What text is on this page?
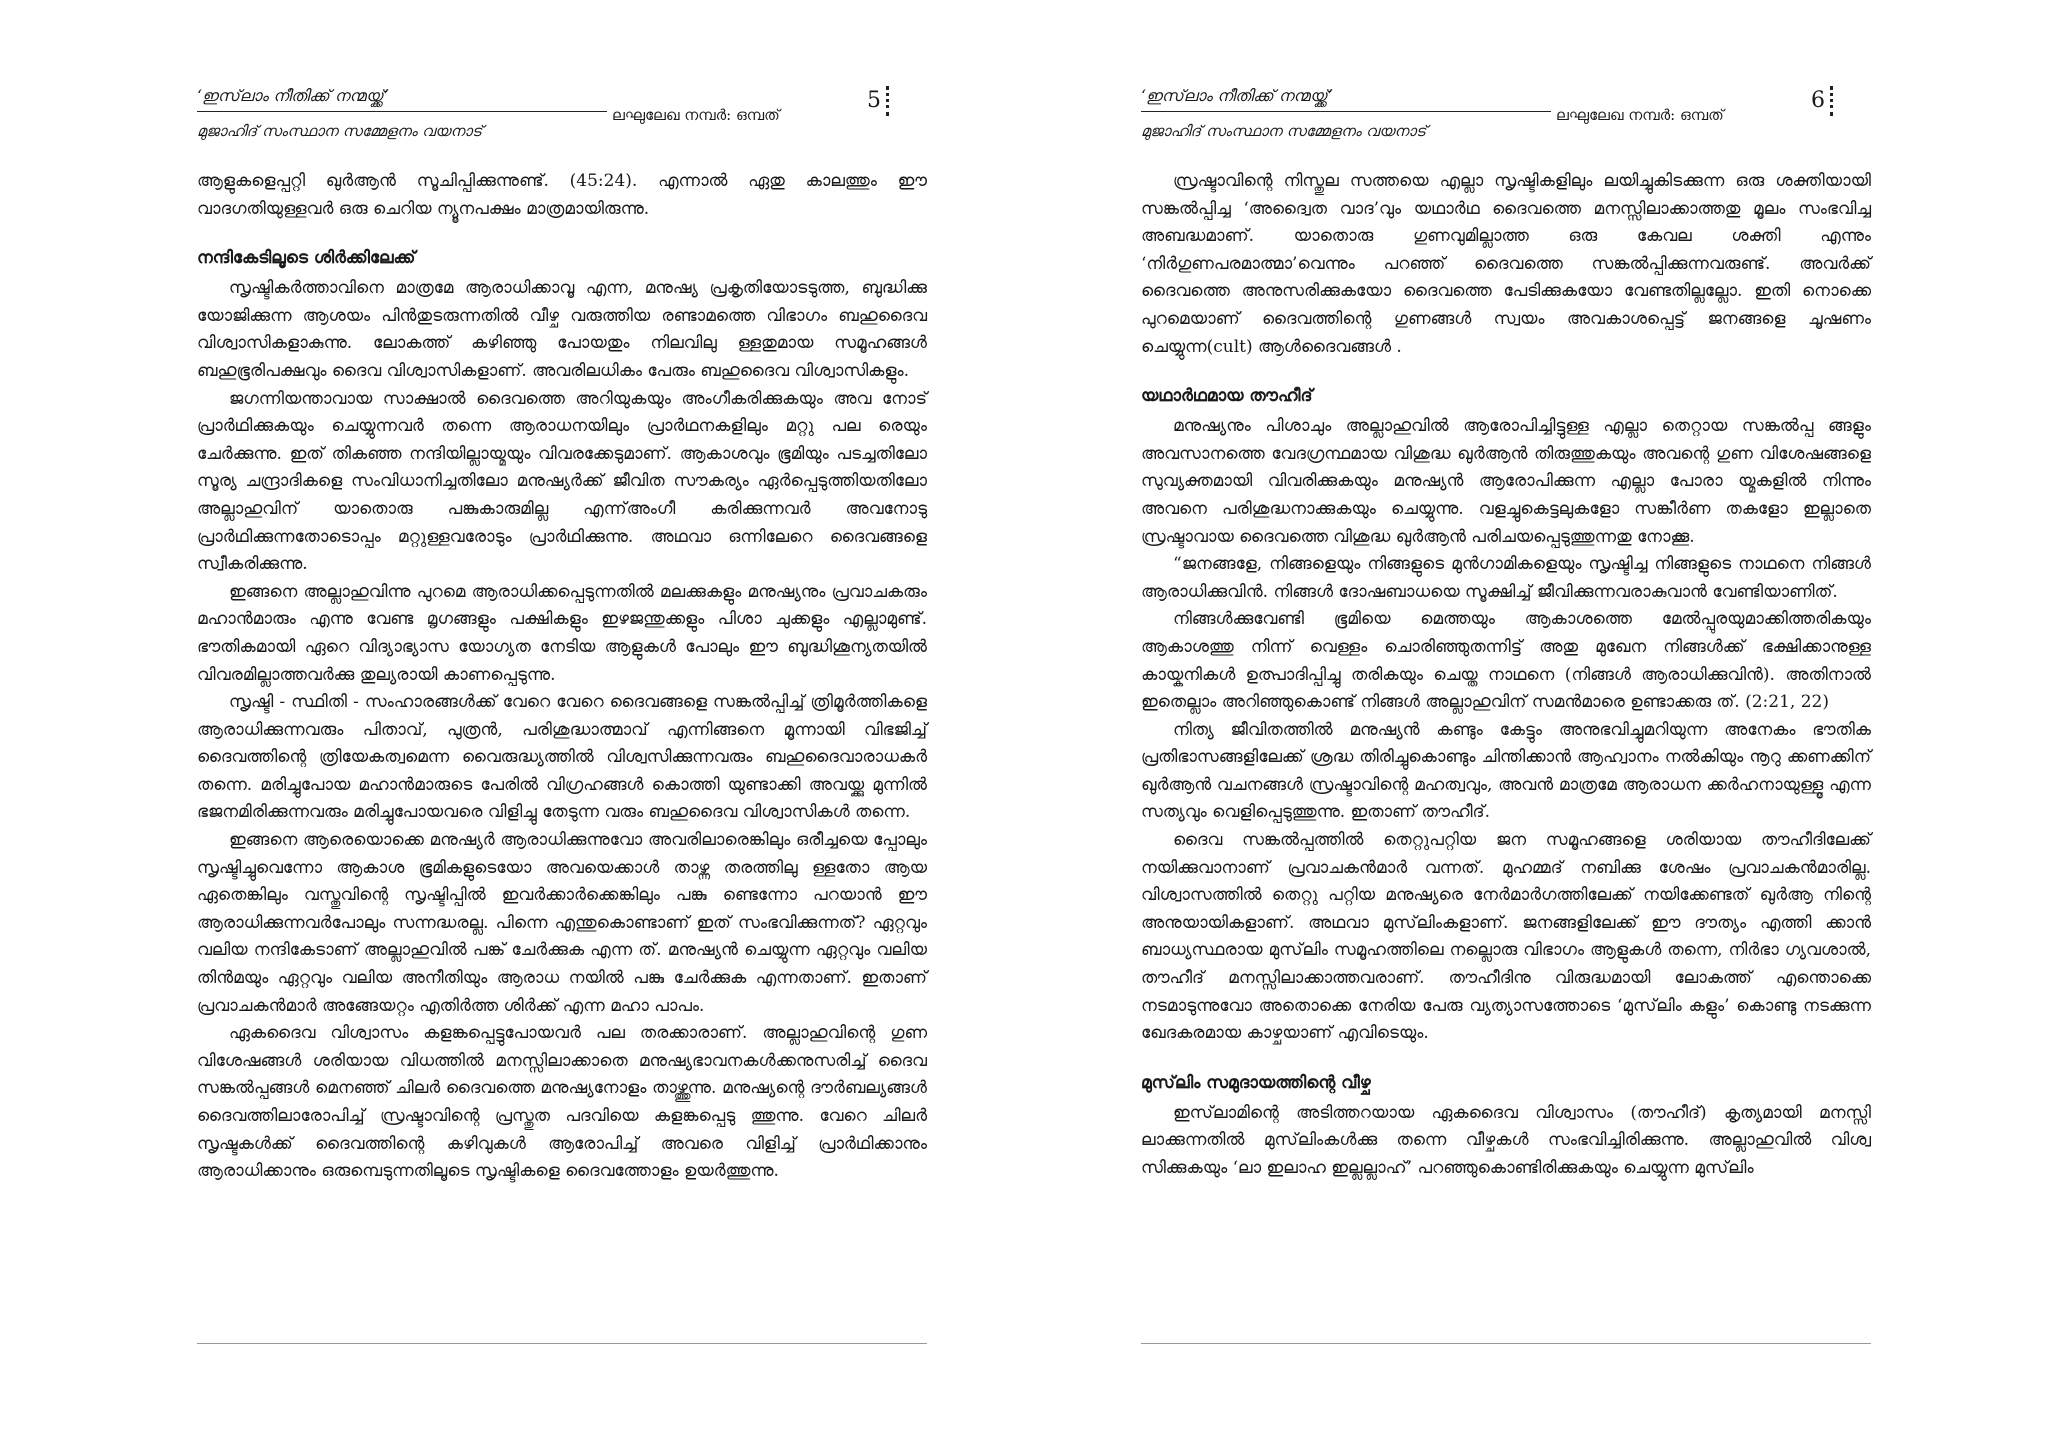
‘ഇസ്‌ലാം നീതിക്ക് നന്മയ്ക്ക്’
മുജാഹിദ് സംസ്ഥാന സമ്മേളനം വയനാട്
ലഘുലേഖ നമ്പർ: ഒമ്പത്
5

ആളുകളെപ്പറ്റി ഖുർആൻ സൂചിപ്പിക്കുന്നുണ്ട്. (45:24). എന്നാൽ ഏതു കാലത്തും ഈ വാദഗതിയുള്ളവർ ഒരു ചെറിയ ന്യൂനപക്ഷം മാത്രമായിരുന്നു.

നന്ദികേടിലൂടെ ശിർക്കിലേക്ക്

സൃഷ്ടികർത്താവിനെ മാത്രമേ ആരാധിക്കാവൂ എന്ന, മനുഷ്യ പ്രകൃതിയോടടുത്ത, ബുദ്ധിക്കു യോജിക്കുന്ന ആശയം പിൻതുടരുന്നതിൽ വീഴ്ച വരുത്തിയ രണ്ടാമത്തെ വിഭാഗം ബഹുദൈവ വിശ്വാസികളാകുന്നു. ലോകത്ത് കഴിഞ്ഞു പോയതും നിലവിലു ള്ളതുമായ സമൂഹങ്ങൾ ബഹുഭൂരിപക്ഷവും ദൈവ വിശ്വാസികളാണ്. അവരിലധികം പേരും ബഹുദൈവ വിശ്വാസികളും.

ജഗന്നിയന്താവായ സാക്ഷാൽ ദൈവത്തെ അറിയുകയും അംഗീകരിക്കുകയും അവ നോട് പ്രാർഥിക്കുകയും ചെയ്യുന്നവർ തന്നെ ആരാധനയിലും പ്രാർഥനകളിലും മറ്റു പല രെയും ചേർക്കുന്നു. ഇത് തികഞ്ഞ നന്ദിയില്ലായ്മയും വിവരക്കേടുമാണ്. ആകാശവും ഭൂമിയും പടച്ചതിലോ സൂര്യ ചന്ദ്രാദികളെ സംവിധാനിച്ചതിലോ മനുഷ്യർക്ക് ജീവിത സൗകര്യം ഏർപ്പെടുത്തിയതിലോ അല്ലാഹുവിന് യാതൊരു പങ്കുകാരുമില്ല എന്ന്അംഗീ കരിക്കുന്നവർ അവനോടു പ്രാർഥിക്കുന്നതോടൊപ്പം മറ്റുള്ളവരോടും പ്രാർഥിക്കുന്നു. അഥവാ ഒന്നിലേറെ ദൈവങ്ങളെ സ്വീകരിക്കുന്നു.

ഇങ്ങനെ അല്ലാഹുവിന്നു പുറമെ ആരാധിക്കപ്പെടുന്നതിൽ മലക്കുകളും മനുഷ്യനും പ്രവാചകരും മഹാൻമാരും എന്നു വേണ്ട മൃഗങ്ങളും പക്ഷികളും ഇഴജന്തുക്കളും പിശാ ചുക്കളും എല്ലാമുണ്ട്. ഭൗതികമായി ഏറെ വിദ്യാഭ്യാസ യോഗ്യത നേടിയ ആളുകൾ പോലും ഈ ബുദ്ധിശൂന്യതയിൽ വിവരമില്ലാത്തവർക്കു തുല്യരായി കാണപ്പെടുന്നു.

സൃഷ്ടി - സ്ഥിതി - സംഹാരങ്ങൾക്ക് വേറെ വേറെ ദൈവങ്ങളെ സങ്കൽപ്പിച്ച് ത്രിമൂർത്തികളെ ആരാധിക്കുന്നവരും പിതാവ്, പുത്രൻ, പരിശുദ്ധാത്മാവ് എന്നിങ്ങനെ മൂന്നായി വിഭജിച്ച് ദൈവത്തിന്റെ ത്രിയേകത്വമെന്ന വൈരുദ്ധ്യത്തിൽ വിശ്വസിക്കുന്നവരും ബഹുദൈവാരാധകർ തന്നെ. മരിച്ചുപോയ മഹാൻമാരുടെ പേരിൽ വിഗ്രഹങ്ങൾ കൊത്തി യുണ്ടാക്കി അവയ്ക്കു മുന്നിൽ ഭജനമിരിക്കുന്നവരും മരിച്ചുപോയവരെ വിളിച്ചു തേടുന്ന വരും ബഹുദൈവ വിശ്വാസികൾ തന്നെ.

ഇങ്ങനെ ആരെയൊക്കെ മനുഷ്യർ ആരാധിക്കുന്നുവോ അവരിലാരെങ്കിലും ഒരീച്ചയെ പ്പോലും സൃഷ്ടിച്ചുവെന്നോ ആകാശ ഭൂമികളുടെയോ അവയെക്കാൾ താഴ്ന്ന തരത്തിലു ള്ളതോ ആയ ഏതെങ്കിലും വസ്തുവിന്റെ സൃഷ്ടിപ്പിൽ ഇവർക്കാർക്കെങ്കിലും പങ്കു ണ്ടെന്നോ പറയാൻ ഈ ആരാധിക്കുന്നവർപോലും സന്നദ്ധരല്ല. പിന്നെ എന്തുകൊണ്ടാണ് ഇത് സംഭവിക്കുന്നത്? ഏറ്റവും വലിയ നന്ദികേടാണ് അല്ലാഹുവിൽ പങ്ക് ചേർക്കുക എന്ന ത്. മനുഷ്യൻ ചെയ്യുന്ന ഏറ്റവും വലിയ തിൻമയും ഏറ്റവും വലിയ അനീതിയും ആരാധ നയിൽ പങ്കു ചേർക്കുക എന്നതാണ്. ഇതാണ് പ്രവാചകൻമാർ അങ്ങേയറ്റം എതിർത്ത ശിർക്ക് എന്ന മഹാ പാപം.

ഏകദൈവ വിശ്വാസം കളങ്കപ്പെട്ടുപോയവർ പല തരക്കാരാണ്. അല്ലാഹുവിന്റെ ഗുണ വിശേഷങ്ങൾ ശരിയായ വിധത്തിൽ മനസ്സിലാക്കാതെ മനുഷ്യഭാവനകൾക്കനുസരിച്ച് ദൈവ സങ്കൽപ്പങ്ങൾ മെനഞ്ഞ് ചിലർ ദൈവത്തെ മനുഷ്യനോളം താഴ്ത്തുന്നു. മനുഷ്യന്റെ ദൗർബല്യങ്ങൾ ദൈവത്തിലാരോപിച്ച് സ്രഷ്ടാവിന്റെ പ്രസ്തുത പദവിയെ കളങ്കപ്പെടു ത്തുന്നു. വേറെ ചിലർ സൃഷ്ടകൾക്ക് ദൈവത്തിന്റെ കഴിവുകൾ ആരോപിച്ച് അവരെ വിളിച്ച് പ്രാർഥിക്കാനും ആരാധിക്കാനും ഒരുമ്പെടുന്നതിലൂടെ സൃഷ്ടികളെ ദൈവത്തോളം ഉയർത്തുന്നു.

‘ഇസ്‌ലാം നീതിക്ക് നന്മയ്ക്ക്’
മുജാഹിദ് സംസ്ഥാന സമ്മേളനം വയനാട്
ലഘുലേഖ നമ്പർ: ഒമ്പത്
6

സ്രഷ്ടാവിന്റെ നിസ്തുല സത്തയെ എല്ലാ സൃഷ്ടികളിലും ലയിച്ചുകിടക്കുന്ന ഒരു ശക്തിയായി സങ്കൽപ്പിച്ച ‘അദ്വൈത വാദ’വും യഥാർഥ ദൈവത്തെ മനസ്സിലാക്കാത്തതു മൂലം സംഭവിച്ച അബദ്ധമാണ്. യാതൊരു ഗുണവുമില്ലാത്ത ഒരു കേവല ശക്തി എന്നും ‘നിർഗുണപരമാത്മാ’വെന്നും പറഞ്ഞ് ദൈവത്തെ സങ്കൽപ്പിക്കുന്നവരുണ്ട്. അവർക്ക് ദൈവത്തെ അനുസരിക്കുകയോ ദൈവത്തെ പേടിക്കുകയോ വേണ്ടതില്ലല്ലോ. ഇതി നൊക്കെ പുറമെയാണ് ദൈവത്തിന്റെ ഗുണങ്ങൾ സ്വയം അവകാശപ്പെട്ട് ജനങ്ങളെ ചൂഷണം ചെയ്യുന്ന(cult) ആൾദൈവങ്ങൾ .

യഥാർഥമായ തൗഹീദ്

മനുഷ്യനും പിശാചും അല്ലാഹുവിൽ ആരോപിച്ചിട്ടുള്ള എല്ലാ തെറ്റായ സങ്കൽപ്പ ങ്ങളും അവസാനത്തെ വേദഗ്രന്ഥമായ വിശുദ്ധ ഖുർആൻ തിരുത്തുകയും അവന്റെ ഗുണ വിശേഷങ്ങളെ സുവ്യക്തമായി വിവരിക്കുകയും മനുഷ്യൻ ആരോപിക്കുന്ന എല്ലാ പോരാ യ്മകളിൽ നിന്നും അവനെ പരിശുദ്ധനാക്കുകയും ചെയ്യുന്നു. വളച്ചുകെട്ടലുകളോ സങ്കീർണ തകളോ ഇല്ലാതെ സ്രഷ്ടാവായ ദൈവത്തെ വിശുദ്ധ ഖുർആൻ പരിചയപ്പെടുത്തുന്നതു നോക്കൂ.

“ജനങ്ങളേ, നിങ്ങളെയും നിങ്ങളുടെ മുൻഗാമികളെയും സൃഷ്ടിച്ച നിങ്ങളുടെ നാഥനെ നിങ്ങൾ ആരാധിക്കുവിൻ. നിങ്ങൾ ദോഷബാധയെ സൂക്ഷിച്ച് ജീവിക്കുന്നവരാകുവാൻ വേണ്ടിയാണിത്.

നിങ്ങൾക്കുവേണ്ടി ഭൂമിയെ മെത്തയും ആകാശത്തെ മേൽപ്പുരയുമാക്കിത്തരികയും ആകാശത്തു നിന്ന് വെള്ളം ചൊരിഞ്ഞുതന്നിട്ട് അതു മുഖേന നിങ്ങൾക്ക് ഭക്ഷിക്കാനുള്ള കായ്കനികൾ ഉത്പാദിപ്പിച്ചു തരികയും ചെയ്ത നാഥനെ (നിങ്ങൾ ആരാധിക്കുവിൻ). അതിനാൽ ഇതെല്ലാം അറിഞ്ഞുകൊണ്ട് നിങ്ങൾ അല്ലാഹുവിന് സമൻമാരെ ഉണ്ടാക്കരു ത്. (2:21, 22)

നിത്യ ജീവിതത്തിൽ മനുഷ്യൻ കണ്ടും കേട്ടും അനുഭവിച്ചുമറിയുന്ന അനേകം ഭൗതിക പ്രതിഭാസങ്ങളിലേക്ക് ശ്രദ്ധ തിരിച്ചുകൊണ്ടും ചിന്തിക്കാൻ ആഹ്വാനം നൽകിയും നൂറു ക്കണക്കിന് ഖുർആൻ വചനങ്ങൾ സ്രഷ്ടാവിന്റെ മഹത്വവും, അവൻ മാത്രമേ ആരാധന ക്കർഹനായുള്ളൂ എന്ന സത്യവും വെളിപ്പെടുത്തുന്നു. ഇതാണ് തൗഹീദ്.

ദൈവ സങ്കൽപ്പത്തിൽ തെറ്റുപറ്റിയ ജന സമൂഹങ്ങളെ ശരിയായ തൗഹീദിലേക്ക് നയിക്കുവാനാണ് പ്രവാചകൻമാർ വന്നത്. മുഹമ്മദ് നബിക്കു ശേഷം പ്രവാചകൻമാരില്ല. വിശ്വാസത്തിൽ തെറ്റു പറ്റിയ മനുഷ്യരെ നേർമാർഗത്തിലേക്ക് നയിക്കേണ്ടത് ഖുർആ നിന്റെ അനുയായികളാണ്. അഥവാ മുസ്‌ലിംകളാണ്. ജനങ്ങളിലേക്ക് ഈ ദൗത്യം എത്തി ക്കാൻ ബാധ്യസ്ഥരായ മുസ്‌ലിം സമൂഹത്തിലെ നല്ലൊരു വിഭാഗം ആളുകൾ തന്നെ, നിർഭാ ഗ്യവശാൽ, തൗഹീദ് മനസ്സിലാക്കാത്തവരാണ്. തൗഹീദിനു വിരുദ്ധമായി ലോകത്ത് എന്തൊക്കെ നടമാടുന്നുവോ അതൊക്കെ നേരിയ പേരു വ്യത്യാസത്തോടെ ‘മുസ്‌ലിം കളും’ കൊണ്ടു നടക്കുന്ന ഖേദകരമായ കാഴ്ചയാണ് എവിടെയും.

മുസ്‌ലിം സമുദായത്തിന്റെ വീഴ്ച

ഇസ്‌ലാമിന്റെ അടിത്തറയായ ഏകദൈവ വിശ്വാസം (തൗഹീദ്) കൃത്യമായി മനസ്സി ലാക്കുന്നതിൽ മുസ്‌ലിംകൾക്കു തന്നെ വീഴ്ചകൾ സംഭവിച്ചിരിക്കുന്നു. അല്ലാഹുവിൽ വിശ്വ സിക്കുകയും ‘ലാ ഇലാഹ ഇല്ലല്ലാഹ്’ പറഞ്ഞുകൊണ്ടിരിക്കുകയും ചെയ്യുന്ന മുസ്‌ലിം
